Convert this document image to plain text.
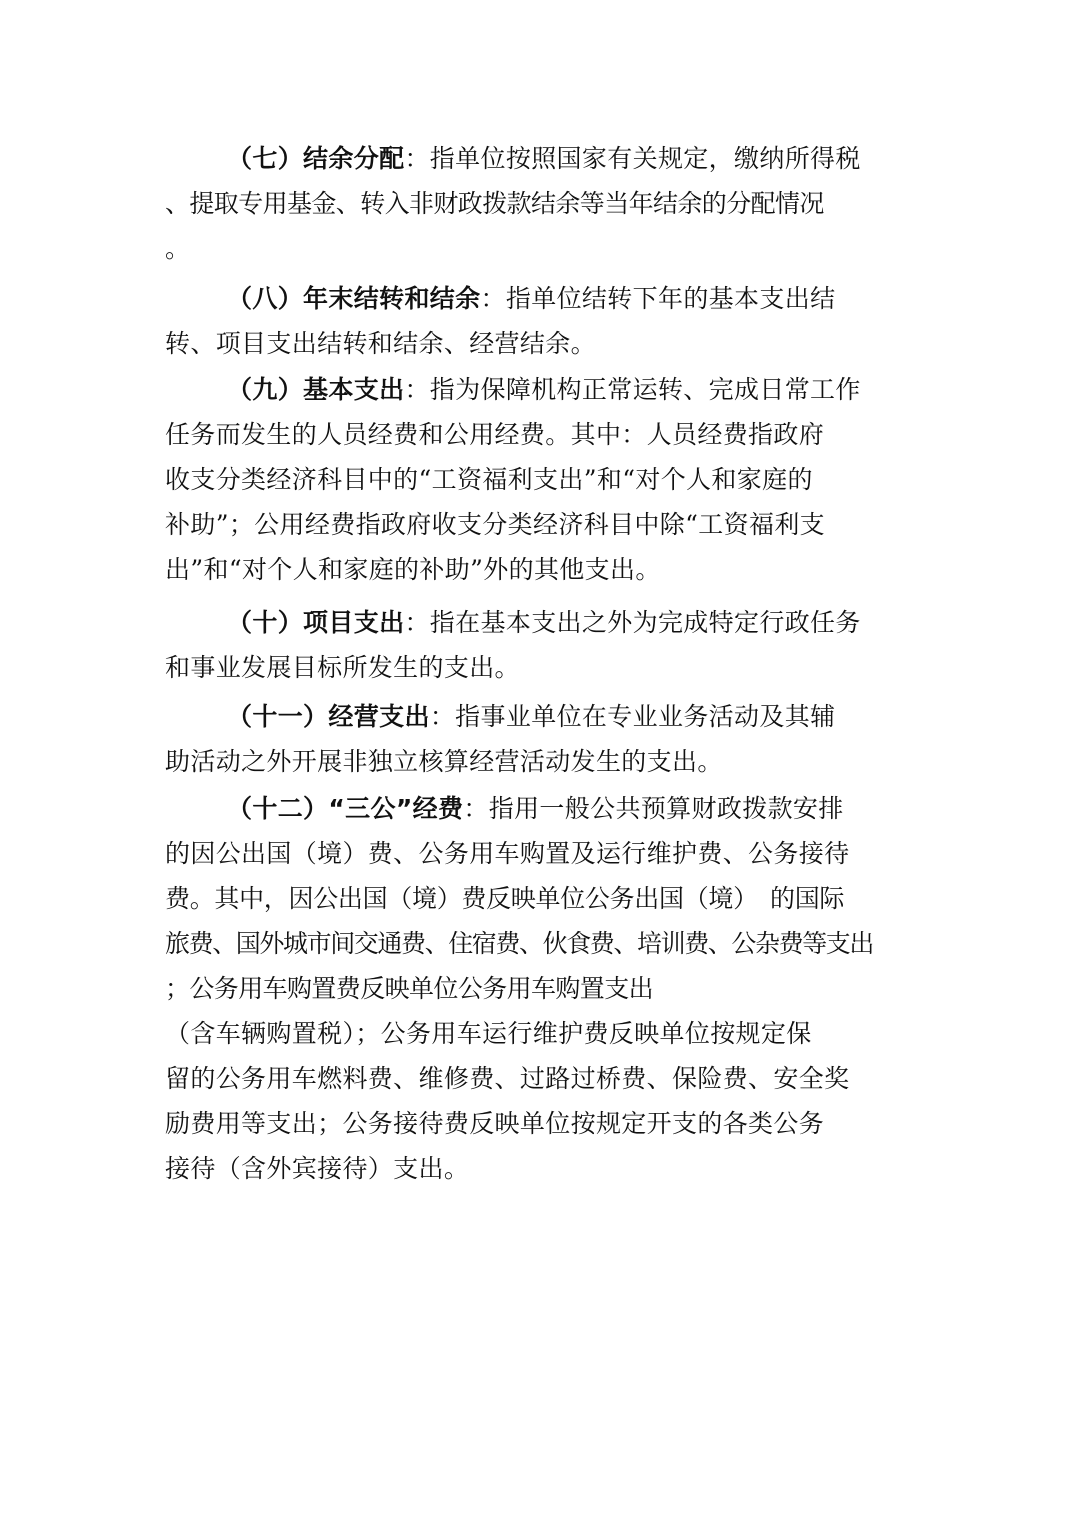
（七）结余分配：指单位按照国家有关规定，缴纳所得税
、提取专用基金、转入非财政拨款结余等当年结余的分配情况
。
（八）年末结转和结余：指单位结转下年的基本支出结
转、项目支出结转和结余、经营结余。
（九）基本支出：指为保障机构正常运转、完成日常工作
任务而发生的人员经费和公用经费。其中：人员经费指政府
收支分类经济科目中的“工资福利支出”和“对个人和家庭的
补助”；公用经费指政府收支分类经济科目中除“工资福利支
出”和“对个人和家庭的补助”外的其他支出。
（十）项目支出：指在基本支出之外为完成特定行政任务
和事业发展目标所发生的支出。
（十一）经营支出：指事业单位在专业业务活动及其辅
助活动之外开展非独立核算经营活动发生的支出。
（十二）“三公”经费：指用一般公共预算财政拨款安排
的因公出国（境）费、公务用车购置及运行维护费、公务接待
费。其中，因公出国（境）费反映单位公务出国（境）　的国际
旅费、国外城市间交通费、住宿费、伙食费、培训费、公杂费等支出
；公务用车购置费反映单位公务用车购置支出
（含车辆购置税）；公务用车运行维护费反映单位按规定保
留的公务用车燃料费、维修费、过路过桥费、保险费、安全奖
励费用等支出；公务接待费反映单位按规定开支的各类公务
接待（含外宾接待）支出。
